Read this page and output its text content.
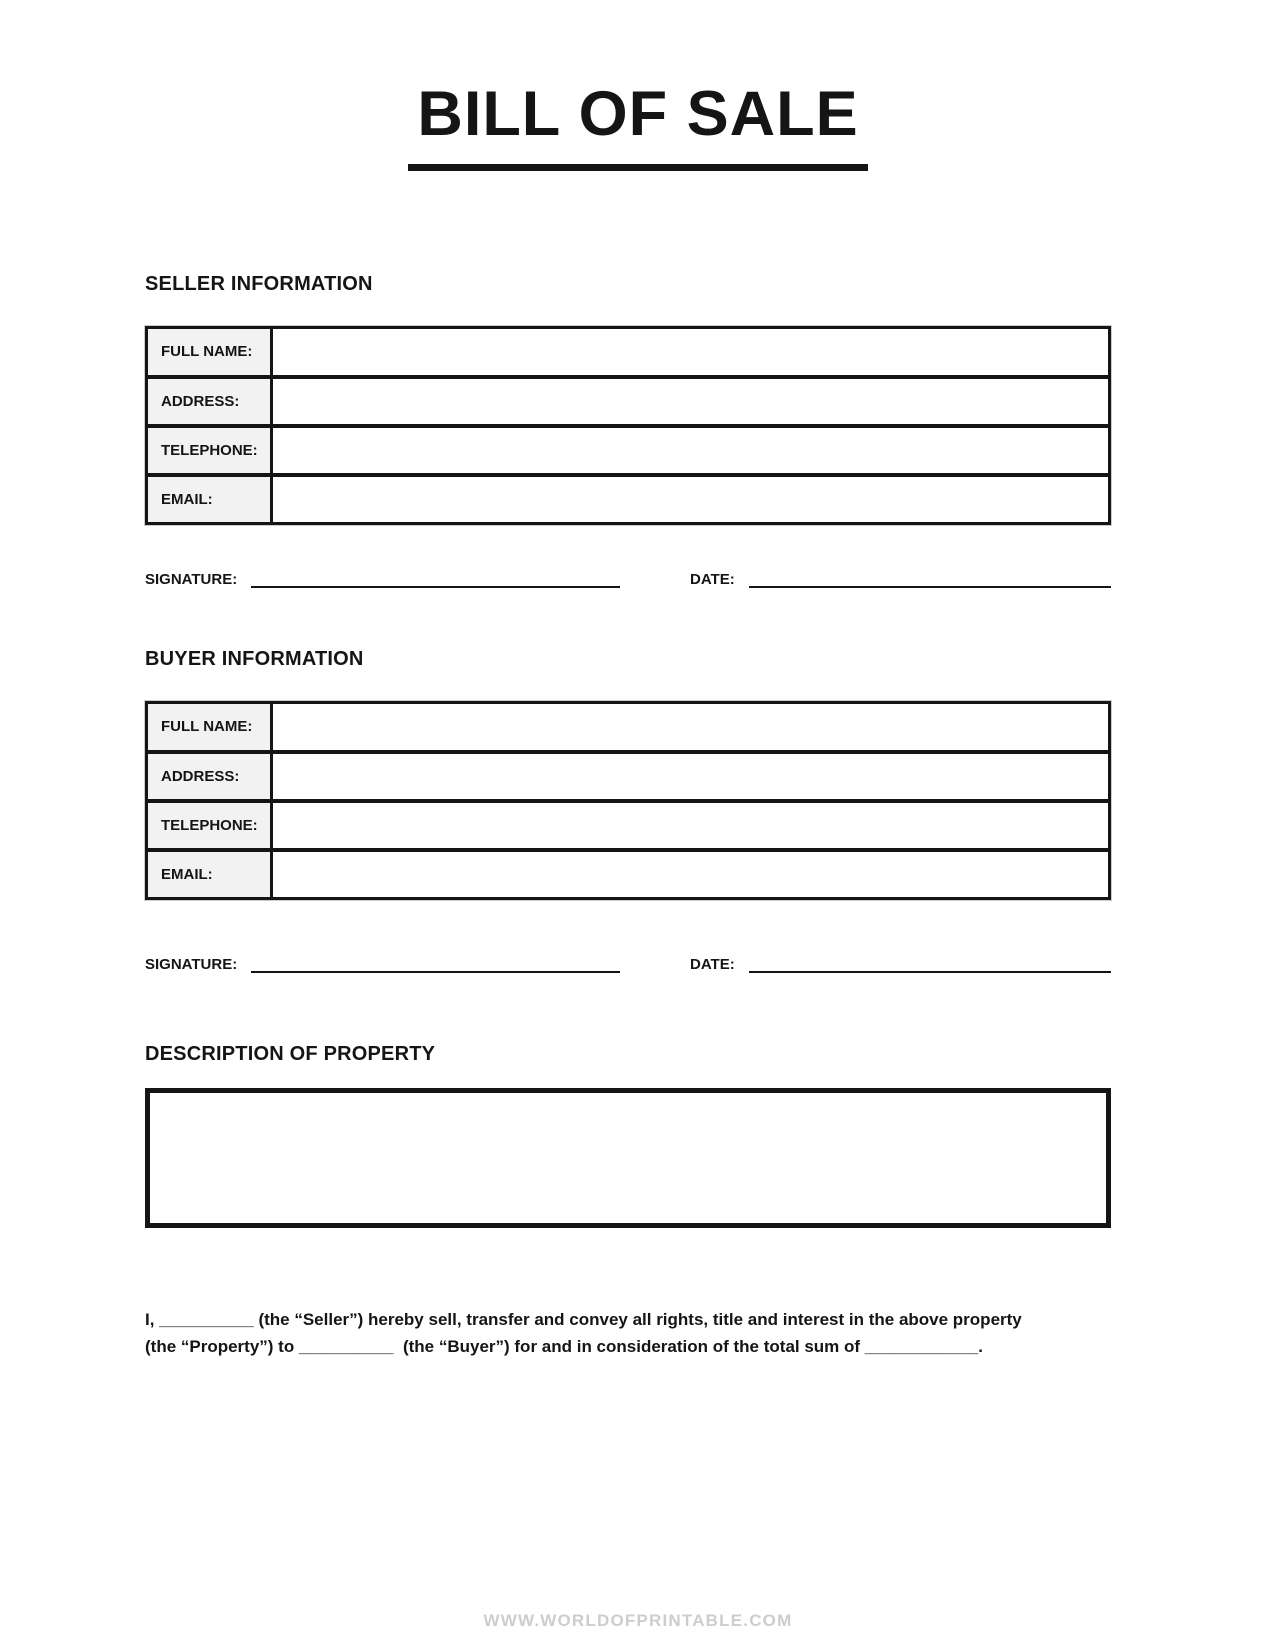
BILL OF SALE
SELLER INFORMATION
FULL NAME:	
ADDRESS:	
TELEPHONE:	
EMAIL:	
SIGNATURE:	DATE:
BUYER INFORMATION
FULL NAME:	
ADDRESS:	
TELEPHONE:	
EMAIL:	
SIGNATURE:	DATE:
DESCRIPTION OF PROPERTY
I, __________ (the “Seller”) hereby sell, transfer and convey all rights, title and interest in the above property
(the “Property”) to __________  (the “Buyer”) for and in consideration of the total sum of ____________.
WWW.WORLDOFPRINTABLE.COM
